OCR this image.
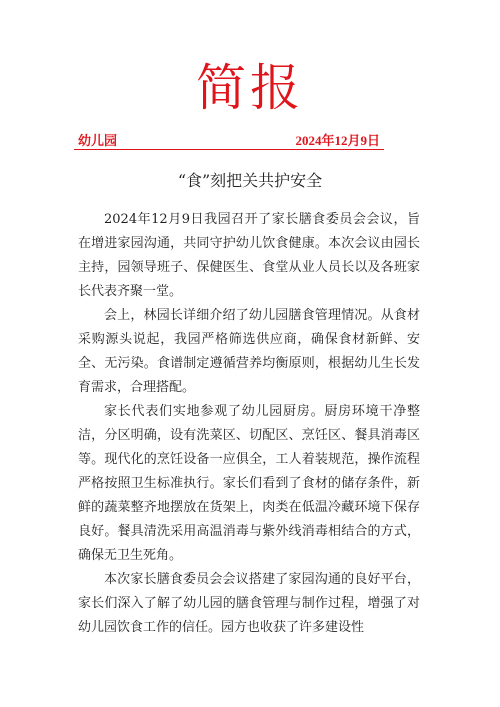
简报
幼儿园	2024年12月9日
“食”刻把关共护安全

2024年12月9日我园召开了家长膳食委员会会议，旨在增进家园沟通，共同守护幼儿饮食健康。本次会议由园长主持，园领导班子、保健医生、食堂从业人员长以及各班家长代表齐聚一堂。

会上，林园长详细介绍了幼儿园膳食管理情况。从食材采购源头说起，我园严格筛选供应商，确保食材新鲜、安全、无污染。食谱制定遵循营养均衡原则，根据幼儿生长发育需求，合理搭配。

家长代表们实地参观了幼儿园厨房。厨房环境干净整洁，分区明确，设有洗菜区、切配区、烹饪区、餐具消毒区等。现代化的烹饪设备一应俱全，工人着装规范，操作流程严格按照卫生标准执行。家长们看到了食材的储存条件，新鲜的蔬菜整齐地摆放在货架上，肉类在低温冷藏环境下保存良好。餐具清洗采用高温消毒与紫外线消毒相结合的方式，确保无卫生死角。

本次家长膳食委员会会议搭建了家园沟通的良好平台，家长们深入了解了幼儿园的膳食管理与制作过程，增强了对幼儿园饮食工作的信任。园方也收获了许多建设性
